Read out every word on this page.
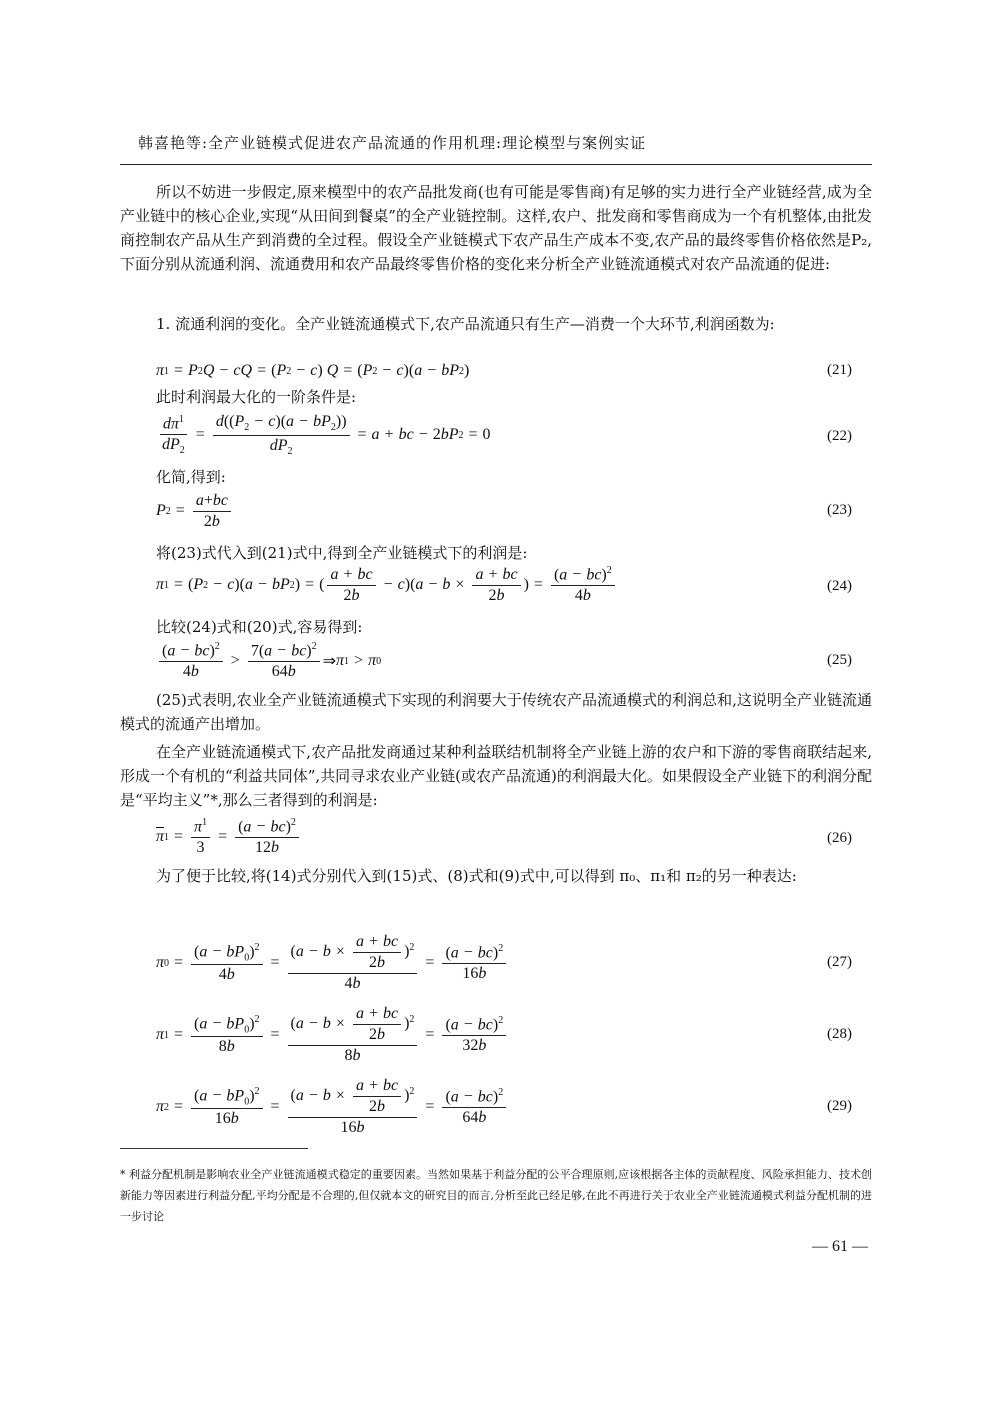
韩喜艳等:全产业链模式促进农产品流通的作用机理:理论模型与案例实证
所以不妨进一步假定,原来模型中的农产品批发商(也有可能是零售商)有足够的实力进行全产业链经营,成为全产业链中的核心企业,实现“从田间到餐桌”的全产业链控制。这样,农户、批发商和零售商成为一个有机整体,由批发商控制农产品从生产到消费的全过程。假设全产业链模式下农产品生产成本不变,农产品的最终零售价格依然是P₂,下面分别从流通利润、流通费用和农产品最终零售价格的变化来分析全产业链流通模式对农产品流通的促进:
1. 流通利润的变化。全产业链流通模式下,农产品流通只有生产—消费一个大环节,利润函数为:
π 1 = P 2 Q − cQ = ( P 2 − c ) Q = ( P 2 − c )( a − bP 2 )	(21)
此时利润最大化的一阶条件是:
$\frac{d\pi^1}{dP_2} = \frac{d((P_2 - c)(a - bP_2))}{dP_2} = a$ + bc − 2 bP 2 = 0	(22)
化简,得到:
P $2 = \frac{a+bc}{2b}$	(23)
将(23)式代入到(21)式中,得到全产业链模式下的利润是:
π 1 = ( P 2 − c )( a − bP 2 ) = ( $\frac{a + bc}{2b} - c$ )( $a - b \times \frac{a + bc}{2b}$ ) = $\frac{(a - bc)^2}{4b}$	(24)
比较(24)式和(20)式,容易得到:
$\frac{(a - bc)^2}{4b} > \frac{7(a - bc)^2}{64b}$ ⇒ π 1 > π 0	(25)
(25)式表明,农业全产业链流通模式下实现的利润要大于传统农产品流通模式的利润总和,这说明全产业链流通模式的流通产出增加。
在全产业链流通模式下,农产品批发商通过某种利益联结机制将全产业链上游的农户和下游的零售商联结起来,形成一个有机的“利益共同体”,共同寻求农业产业链(或农产品流通)的利润最大化。如果假设全产业链下的利润分配是“平均主义”*,那么三者得到的利润是:
$\overline{\pi}$ $1 = \frac{\pi^1}{3} = \frac{(a - bc)^2}{12b}$	(26)
为了便于比较,将(14)式分别代入到(15)式、(8)式和(9)式中,可以得到 π₀、π₁和 π₂的另一种表达:
π $0 = \frac{(a - bP_0)^2}{4b} = \frac{(a - b \times \frac{a + bc}{2b} )^2}{4b} = \frac{(a - bc)^2}{16b}$	(27)
π $1 = \frac{(a - bP_0)^2}{8b} = \frac{(a - b \times \frac{a + bc}{2b} )^2}{8b} = \frac{(a - bc)^2}{32b}$	(28)
π $2 = \frac{(a - bP_0)^2}{16b} = \frac{(a - b \times \frac{a + bc}{2b} )^2}{16b} = \frac{(a - bc)^2}{64b}$	(29)
* 利益分配机制是影响农业全产业链流通模式稳定的重要因素。当然如果基于利益分配的公平合理原则,应该根据各主体的贡献程度、风险承担能力、技术创新能力等因素进行利益分配,平均分配是不合理的,但仅就本文的研究目的而言,分析至此已经足够,在此不再进行关于农业全产业链流通模式利益分配机制的进一步讨论
— 61 —
